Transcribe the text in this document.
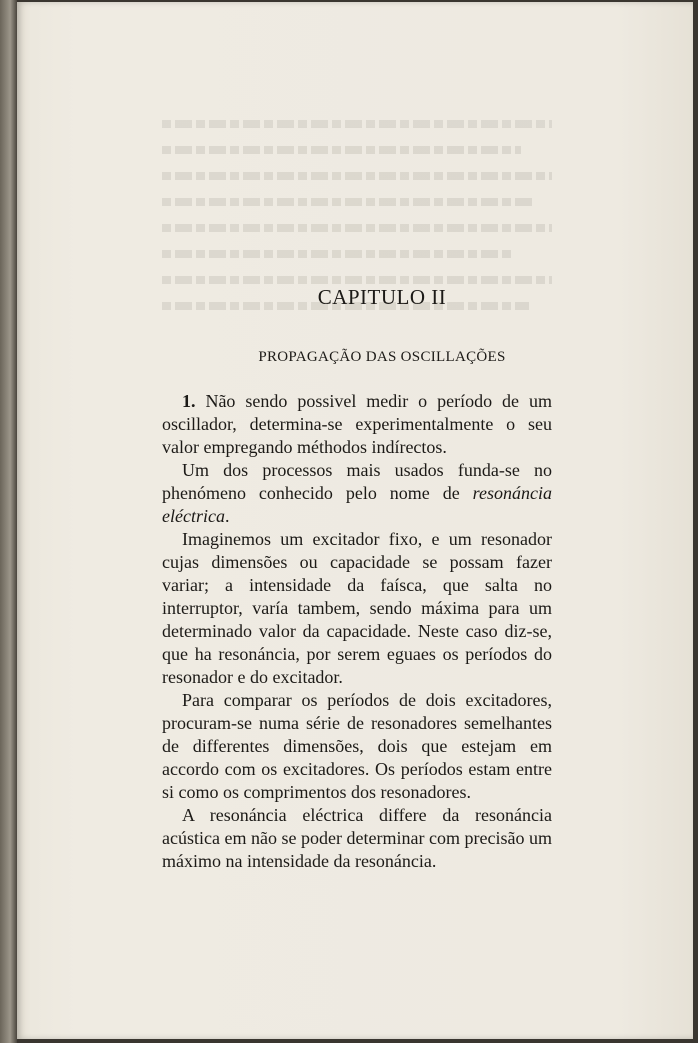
CAPITULO II
PROPAGAÇÃO DAS OSCILLAÇÕES

1. Não sendo possivel medir o período de um oscillador, determina-se experimentalmente o seu valor empregando méthodos indírectos.

Um dos processos mais usados funda-se no phenómeno conhecido pelo nome de resonáncia eléctrica.

Imaginemos um excitador fixo, e um resonador cujas dimensões ou capacidade se possam fazer variar; a intensidade da faísca, que salta no interruptor, varía tambem, sendo máxima para um determinado valor da capacidade. Neste caso diz-se, que ha resonáncia, por serem eguaes os períodos do resonador e do excitador.

Para comparar os períodos de dois excitadores, procuram-se numa série de resonadores semelhantes de differentes dimensões, dois que estejam em accordo com os excitadores. Os períodos estam entre si como os comprimentos dos resonadores.

A resonáncia eléctrica differe da resonáncia acústica em não se poder determinar com precisão um máximo na intensidade da resonáncia.
